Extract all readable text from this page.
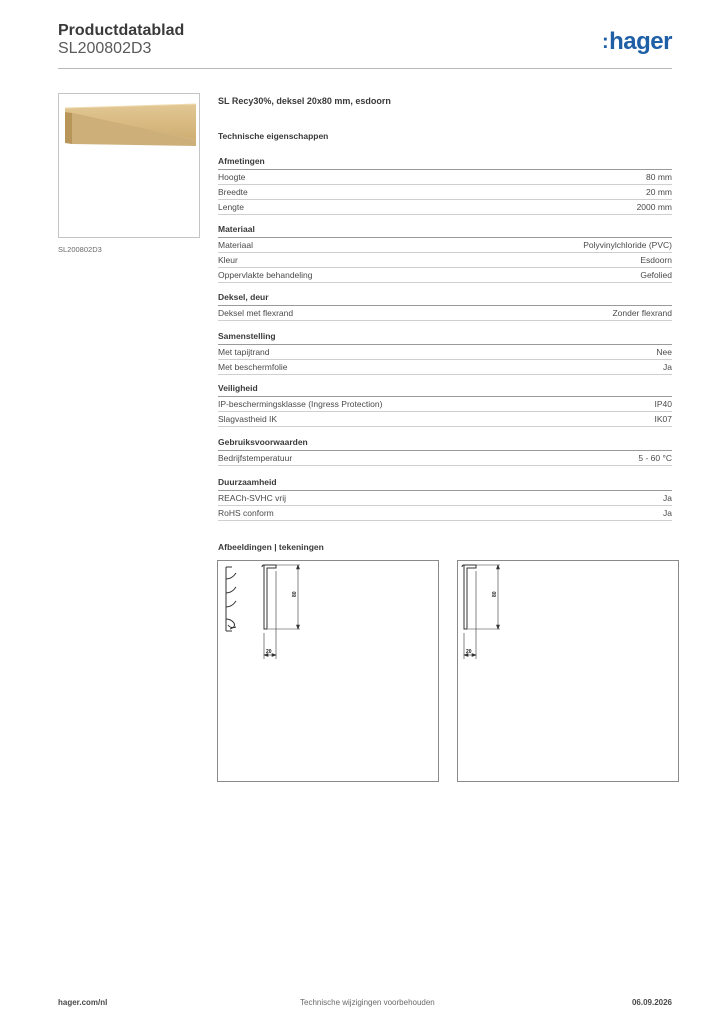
Productdatablad
SL200802D3	:hager
SL200802D3
SL Recy30%, deksel 20x80 mm, esdoorn
Technische eigenschappen
Afmetingen
Hoogte	80 mm
Breedte	20 mm
Lengte	2000 mm
Materiaal
Materiaal	Polyvinylchloride (PVC)
Kleur	Esdoorn
Oppervlakte behandeling	Gefolied
Deksel, deur
Deksel met flexrand	Zonder flexrand
Samenstelling
Met tapijtrand	Nee
Met beschermfolie	Ja
Veiligheid
IP-beschermingsklasse (Ingress Protection)	IP40
Slagvastheid IK	IK07
Gebruiksvoorwaarden
Bedrijfstemperatuur	5 - 60 °C
Duurzaamheid
REACh-SVHC vrij	Ja
RoHS conform	Ja
Afbeeldingen | tekeningen
80
20
80
20
hager.com/nl	Technische wijzigingen voorbehouden	06.09.2026
